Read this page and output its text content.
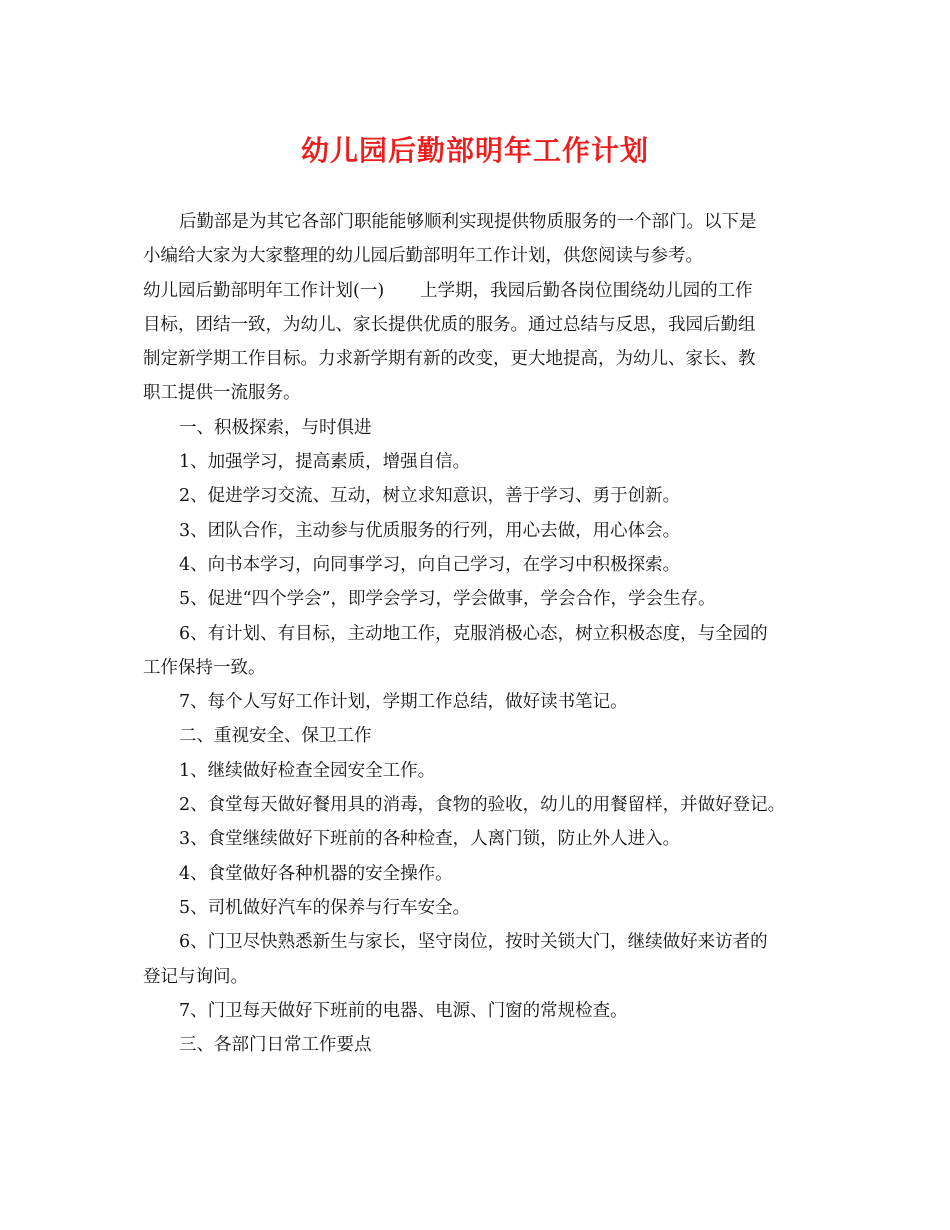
幼儿园后勤部明年工作计划
后勤部是为其它各部门职能能够顺利实现提供物质服务的一个部门。以下是
小编给大家为大家整理的幼儿园后勤部明年工作计划，供您阅读与参考。
幼儿园后勤部明年工作计划(一) 上学期，我园后勤各岗位围绕幼儿园的工作
目标，团结一致，为幼儿、家长提供优质的服务。通过总结与反思，我园后勤组
制定新学期工作目标。力求新学期有新的改变，更大地提高，为幼儿、家长、教
职工提供一流服务。
一、积极探索，与时俱进
1、加强学习，提高素质，增强自信。
2、促进学习交流、互动，树立求知意识，善于学习、勇于创新。
3、团队合作，主动参与优质服务的行列，用心去做，用心体会。
4、向书本学习，向同事学习，向自己学习，在学习中积极探索。
5、促进“四个学会”，即学会学习，学会做事，学会合作，学会生存。
6、有计划、有目标，主动地工作，克服消极心态，树立积极态度，与全园的
工作保持一致。
7、每个人写好工作计划，学期工作总结，做好读书笔记。
二、重视安全、保卫工作
1、继续做好检查全园安全工作。
2、食堂每天做好餐用具的消毒，食物的验收，幼儿的用餐留样，并做好登记。
3、食堂继续做好下班前的各种检查，人离门锁，防止外人进入。
4、食堂做好各种机器的安全操作。
5、司机做好汽车的保养与行车安全。
6、门卫尽快熟悉新生与家长，坚守岗位，按时关锁大门，继续做好来访者的
登记与询问。
7、门卫每天做好下班前的电器、电源、门窗的常规检查。
三、各部门日常工作要点
